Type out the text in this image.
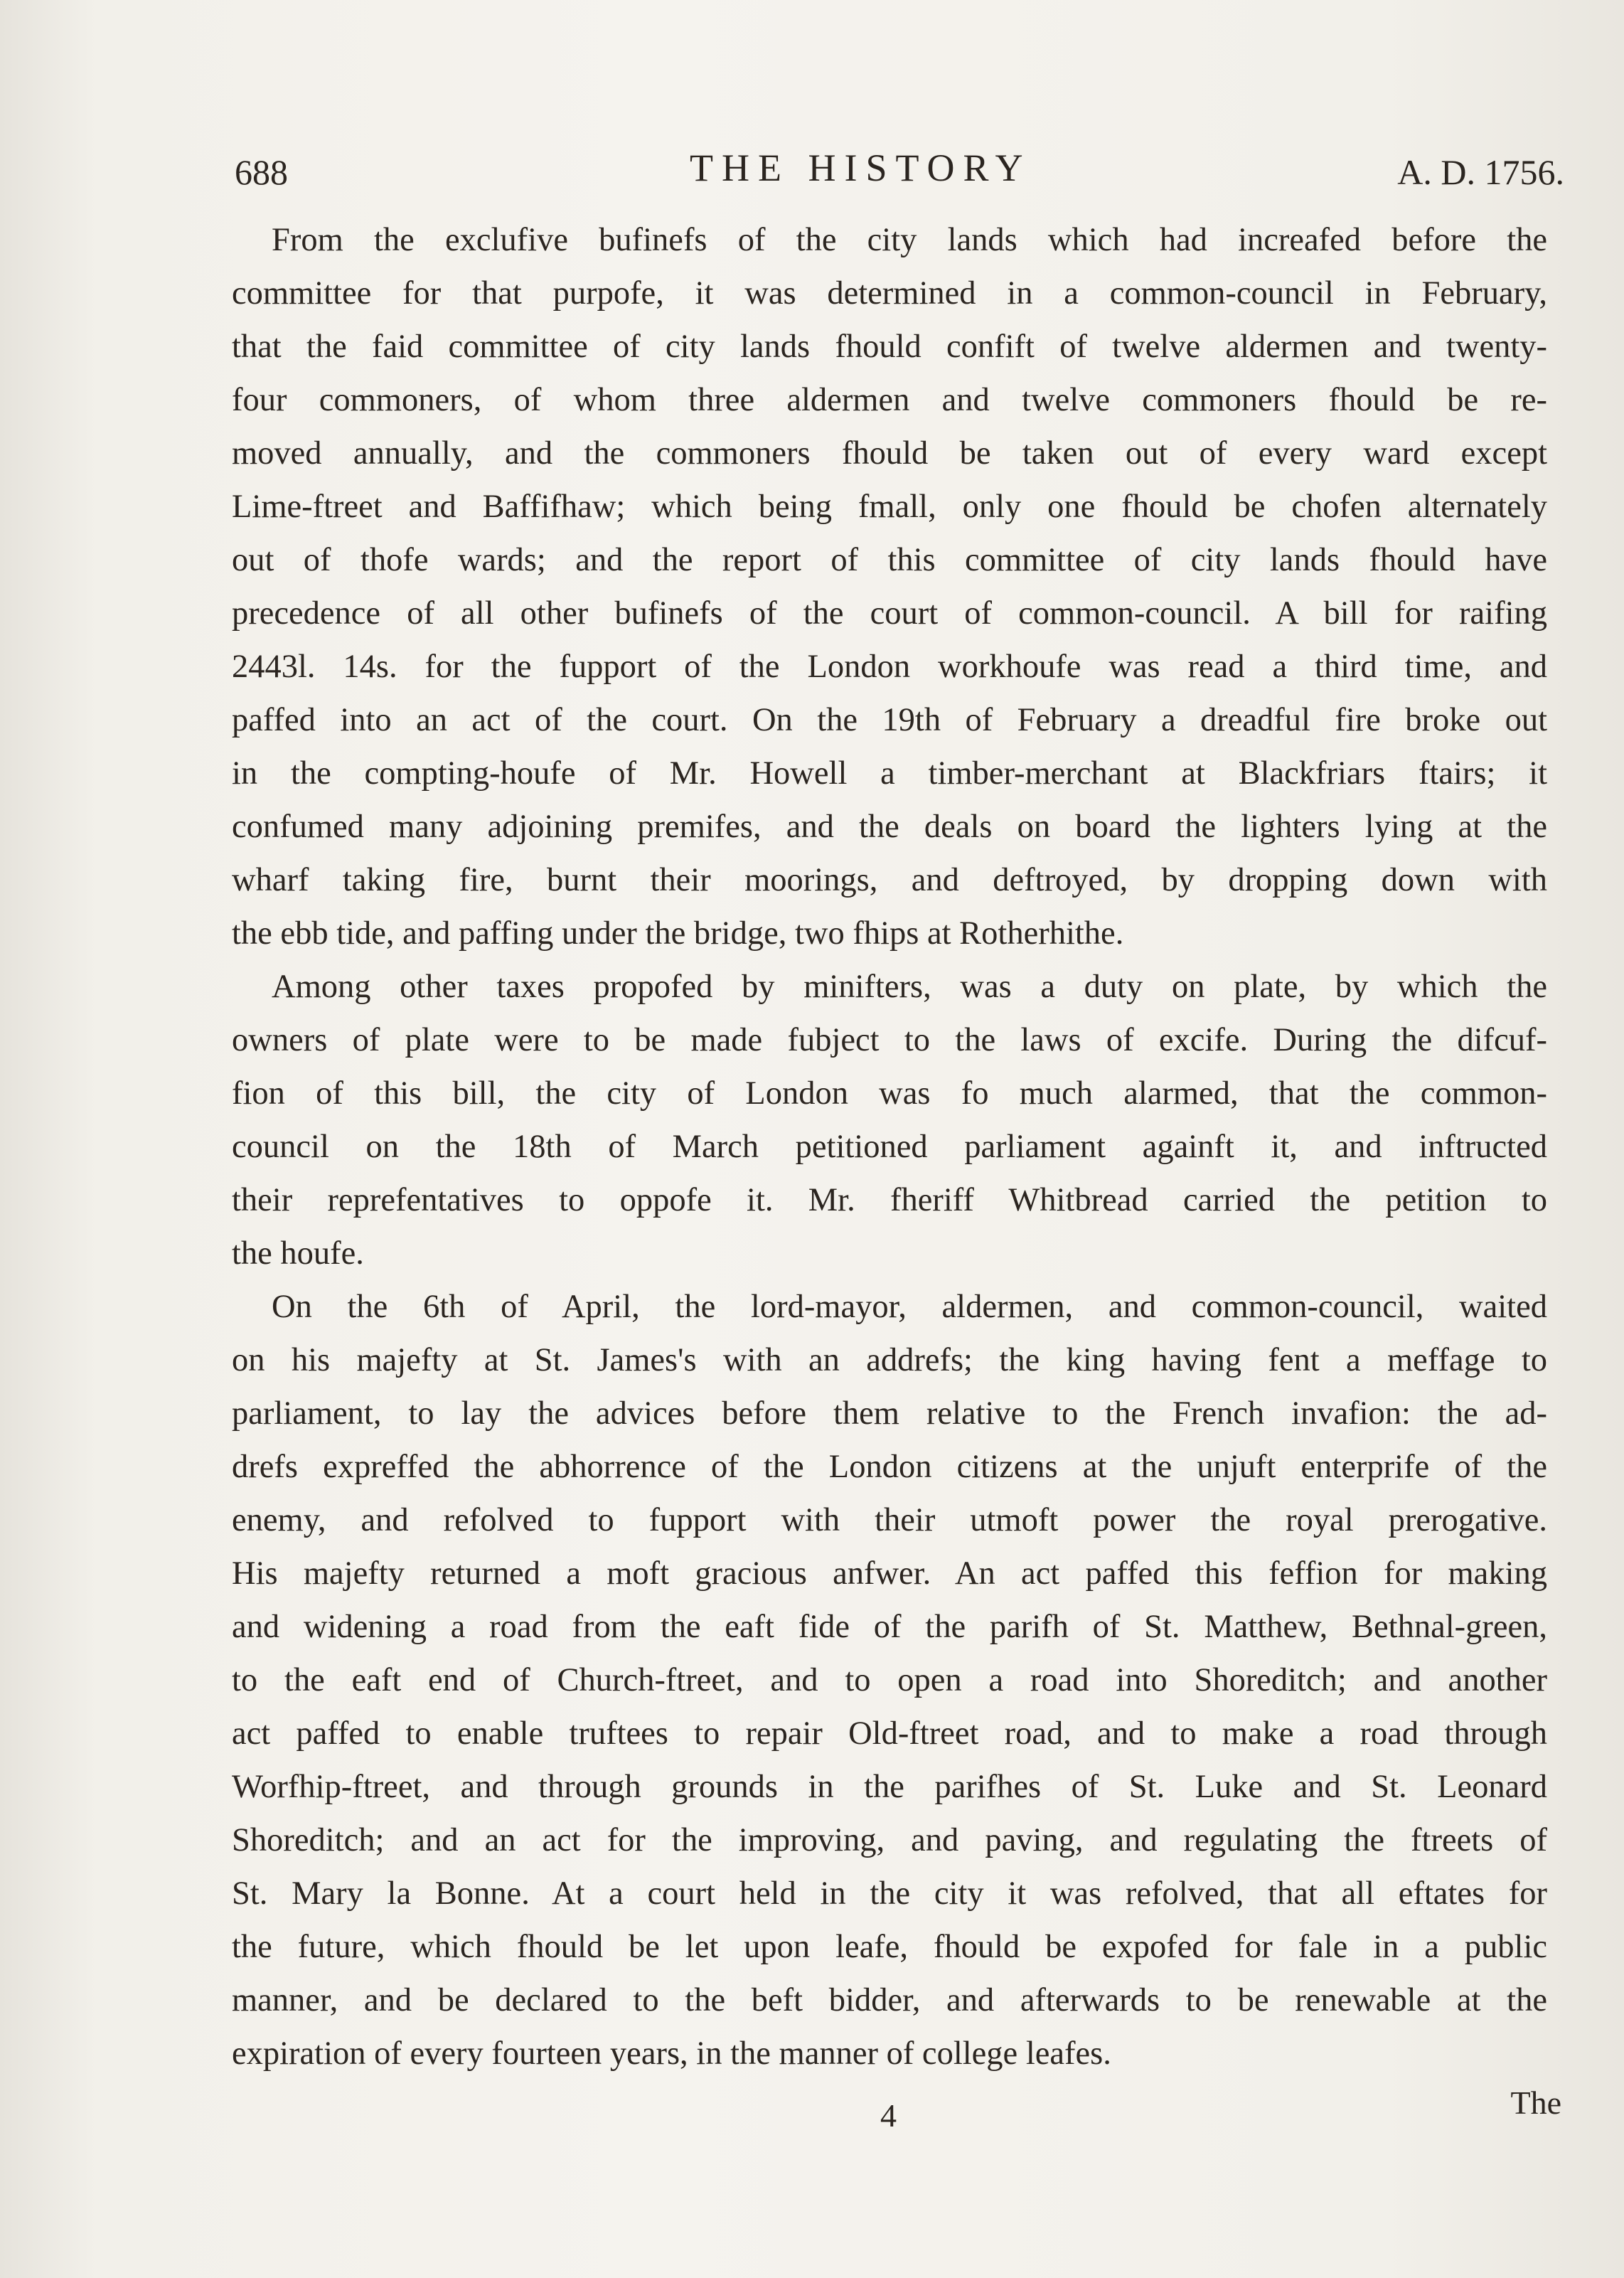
688	THE HISTORY	A. D. 1756.
From the exclufive bufinefs of the city lands which had increafed before the
committee for that purpofe, it was determined in a common-council in February,
that the faid committee of city lands fhould confift of twelve aldermen and twenty-
four commoners, of whom three aldermen and twelve commoners fhould be re-
moved annually, and the commoners fhould be taken out of every ward except
Lime-ftreet and Baffifhaw; which being fmall, only one fhould be chofen alternately
out of thofe wards; and the report of this committee of city lands fhould have
precedence of all other bufinefs of the court of common-council. A bill for raifing
2443l. 14s. for the fupport of the London workhoufe was read a third time, and
paffed into an act of the court. On the 19th of February a dreadful fire broke out
in the compting-houfe of Mr. Howell a timber-merchant at Blackfriars ftairs; it
confumed many adjoining premifes, and the deals on board the lighters lying at the
wharf taking fire, burnt their moorings, and deftroyed, by dropping down with
the ebb tide, and paffing under the bridge, two fhips at Rotherhithe.
Among other taxes propofed by minifters, was a duty on plate, by which the
owners of plate were to be made fubject to the laws of excife. During the difcuf-
fion of this bill, the city of London was fo much alarmed, that the common-
council on the 18th of March petitioned parliament againft it, and inftructed
their reprefentatives to oppofe it. Mr. fheriff Whitbread carried the petition to
the houfe.
On the 6th of April, the lord-mayor, aldermen, and common-council, waited
on his majefty at St. James's with an addrefs; the king having fent a meffage to
parliament, to lay the advices before them relative to the French invafion: the ad-
drefs expreffed the abhorrence of the London citizens at the unjuft enterprife of the
enemy, and refolved to fupport with their utmoft power the royal prerogative.
His majefty returned a moft gracious anfwer. An act paffed this feffion for making
and widening a road from the eaft fide of the parifh of St. Matthew, Bethnal-green,
to the eaft end of Church-ftreet, and to open a road into Shoreditch; and another
act paffed to enable truftees to repair Old-ftreet road, and to make a road through
Worfhip-ftreet, and through grounds in the parifhes of St. Luke and St. Leonard
Shoreditch; and an act for the improving, and paving, and regulating the ftreets of
St. Mary la Bonne. At a court held in the city it was refolved, that all eftates for
the future, which fhould be let upon leafe, fhould be expofed for fale in a public
manner, and be declared to the beft bidder, and afterwards to be renewable at the
expiration of every fourteen years, in the manner of college leafes.
4	The
